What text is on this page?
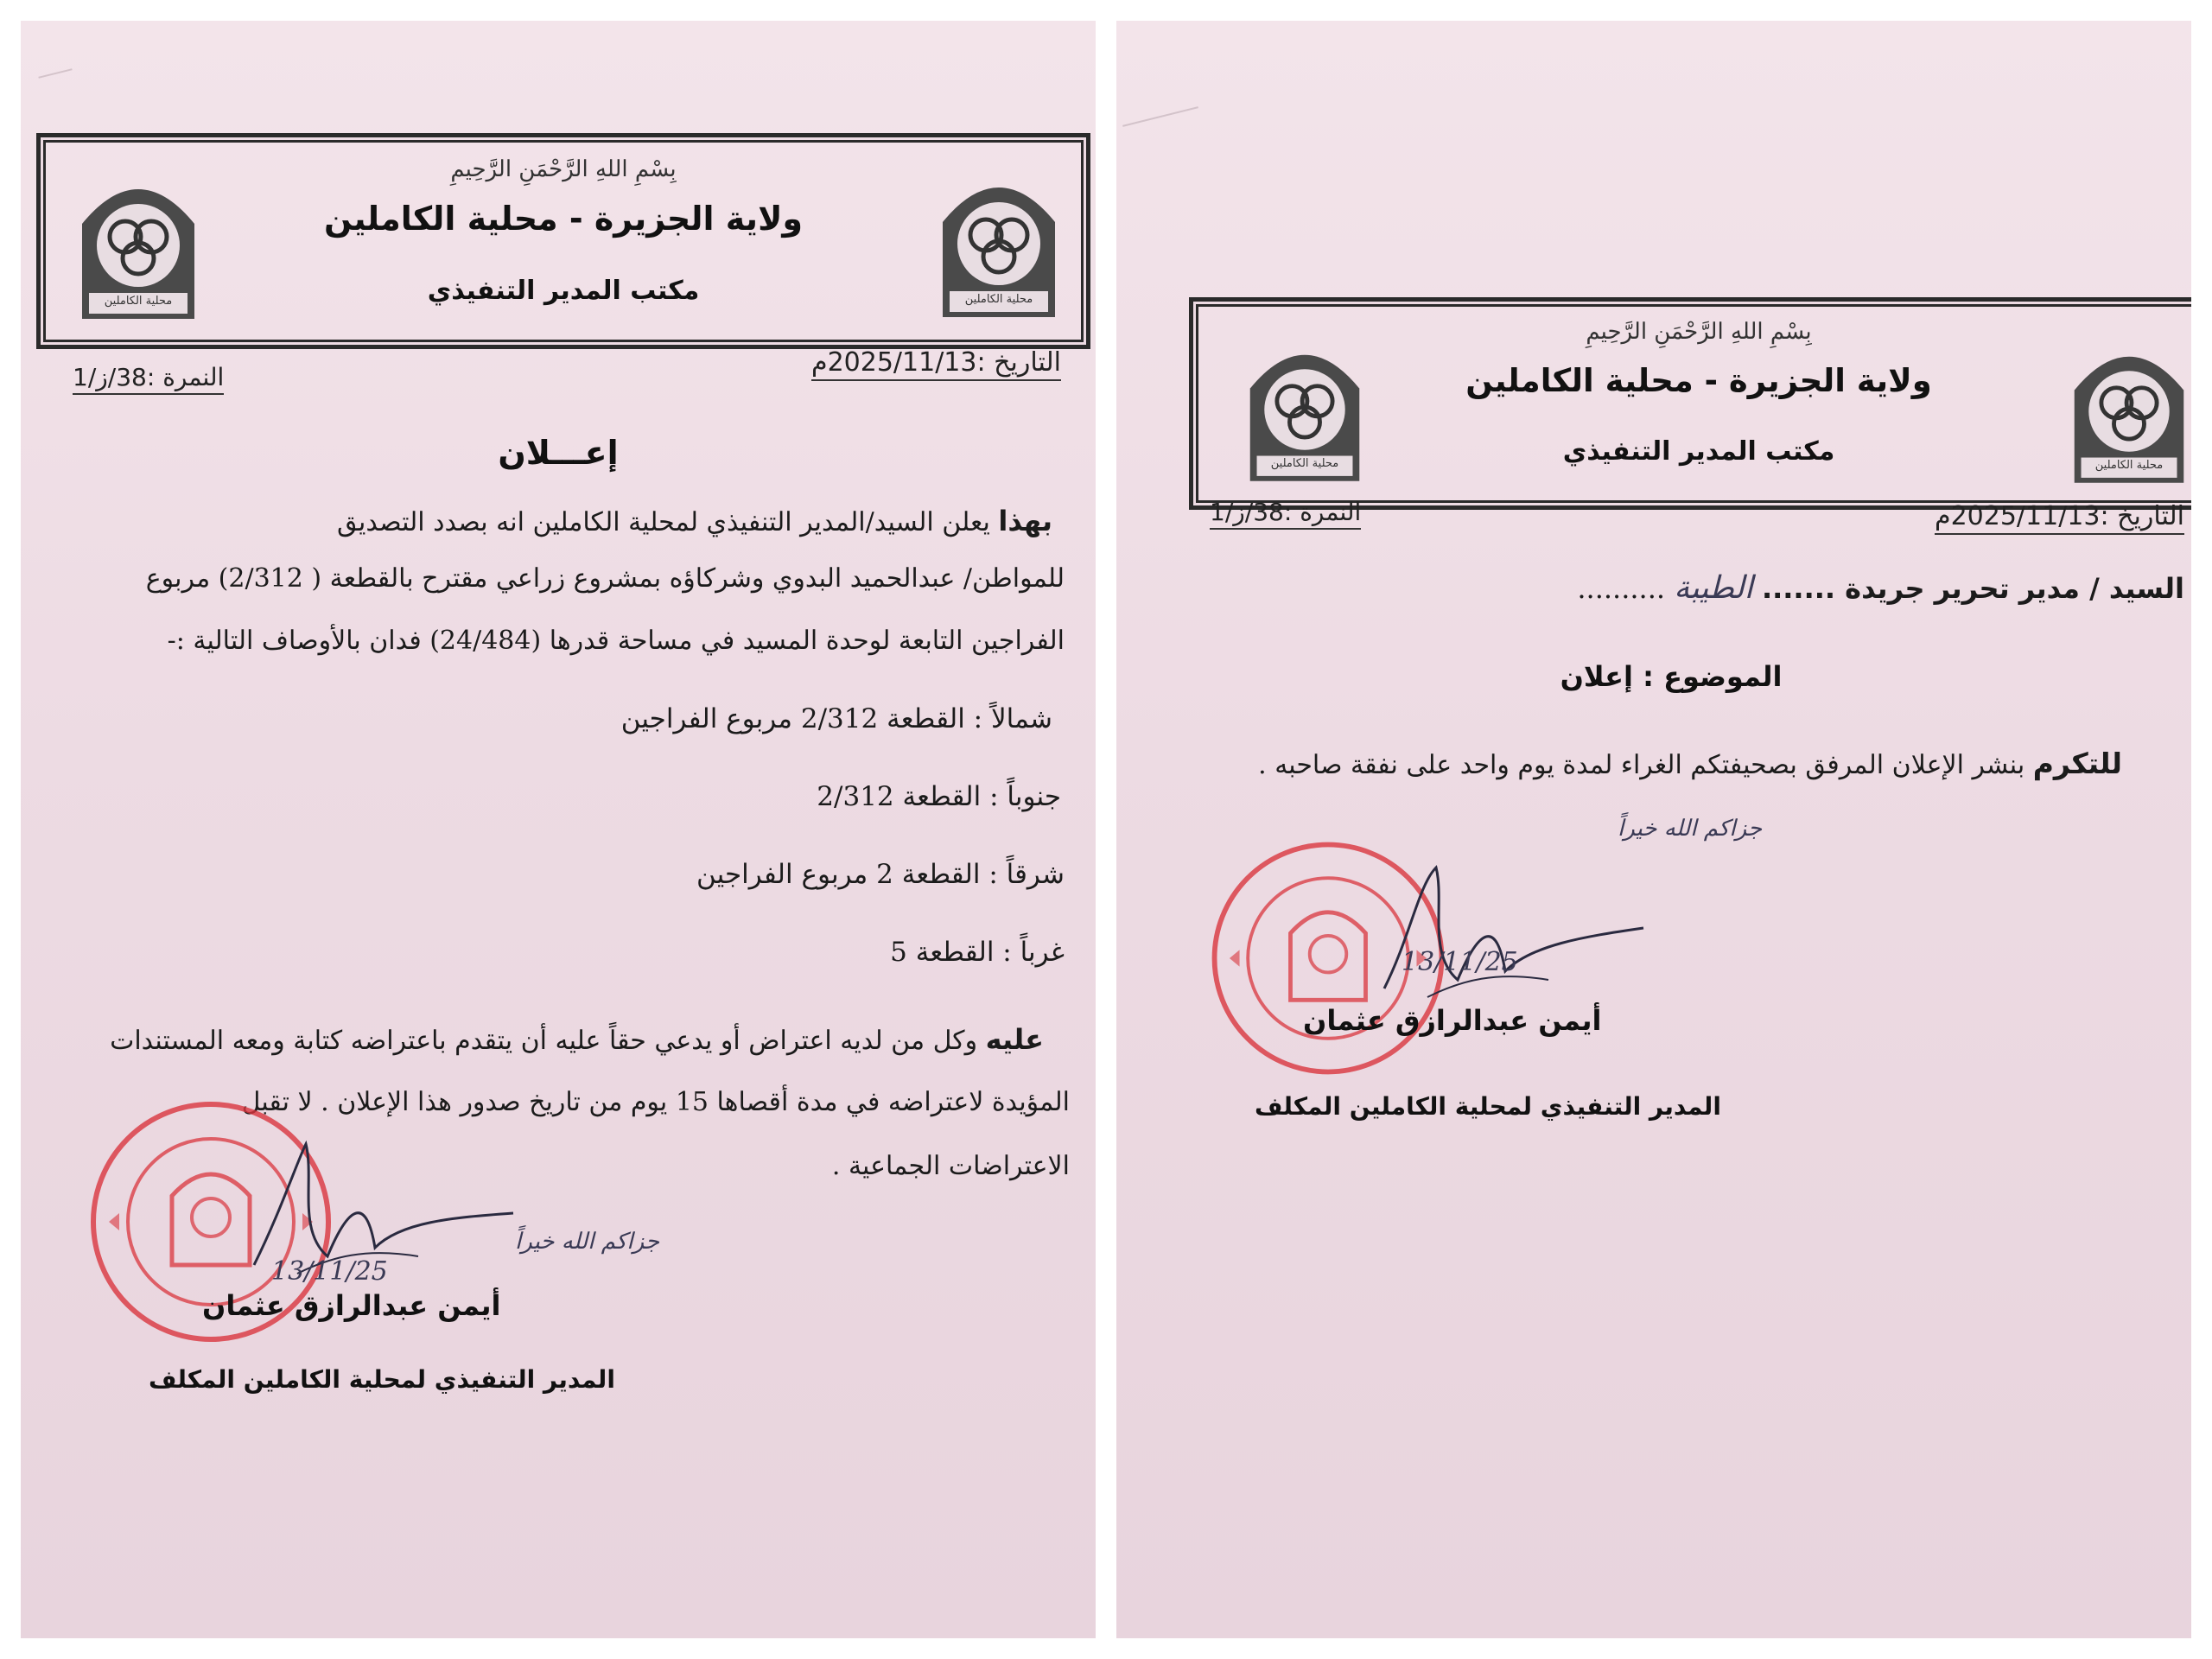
محلية الكاملين
محلية الكاملين
بِسْمِ اللهِ الرَّحْمَنِ الرَّحِيمِ
ولاية الجزيرة - محلية الكاملين
مكتب المدير التنفيذي
التاريخ :2025/11/13م
النمرة :38/ز/1
إعـــلان
بهذا يعلن السيد/المدير التنفيذي لمحلية الكاملين انه بصدد التصديق
للمواطن/ عبدالحميد البدوي وشركاؤه بمشروع زراعي مقترح بالقطعة ( 2/312) مربوع
الفراجين التابعة لوحدة المسيد في مساحة قدرها (24/484) فدان بالأوصاف التالية :-
شمالاً : القطعة 2/312 مربوع الفراجين
جنوباً : القطعة 2/312
شرقاً : القطعة 2 مربوع الفراجين
غرباً : القطعة 5
عليه وكل من لديه اعتراض أو يدعي حقاً عليه أن يتقدم باعتراضه كتابة ومعه المستندات
المؤيدة لاعتراضه في مدة أقصاها 15 يوم من تاريخ صدور هذا الإعلان . لا تقبل
الاعتراضات الجماعية .
جزاكم الله خيراً
13/11/25
أيمن عبدالرازق عثمان
المدير التنفيذي لمحلية الكاملين المكلف
محلية الكاملين
محلية الكاملين
بِسْمِ اللهِ الرَّحْمَنِ الرَّحِيمِ
ولاية الجزيرة - محلية الكاملين
مكتب المدير التنفيذي
التاريخ :2025/11/13م
النمرة :38/ز/1
السيد / مدير تحرير جريدة ....... الطيبة ..........
الموضوع : إعلان
للتكرم بنشر الإعلان المرفق بصحيفتكم الغراء لمدة يوم واحد على نفقة صاحبه .
جزاكم الله خيراً
13/11/25
أيمن عبدالرازق عثمان
المدير التنفيذي لمحلية الكاملين المكلف
